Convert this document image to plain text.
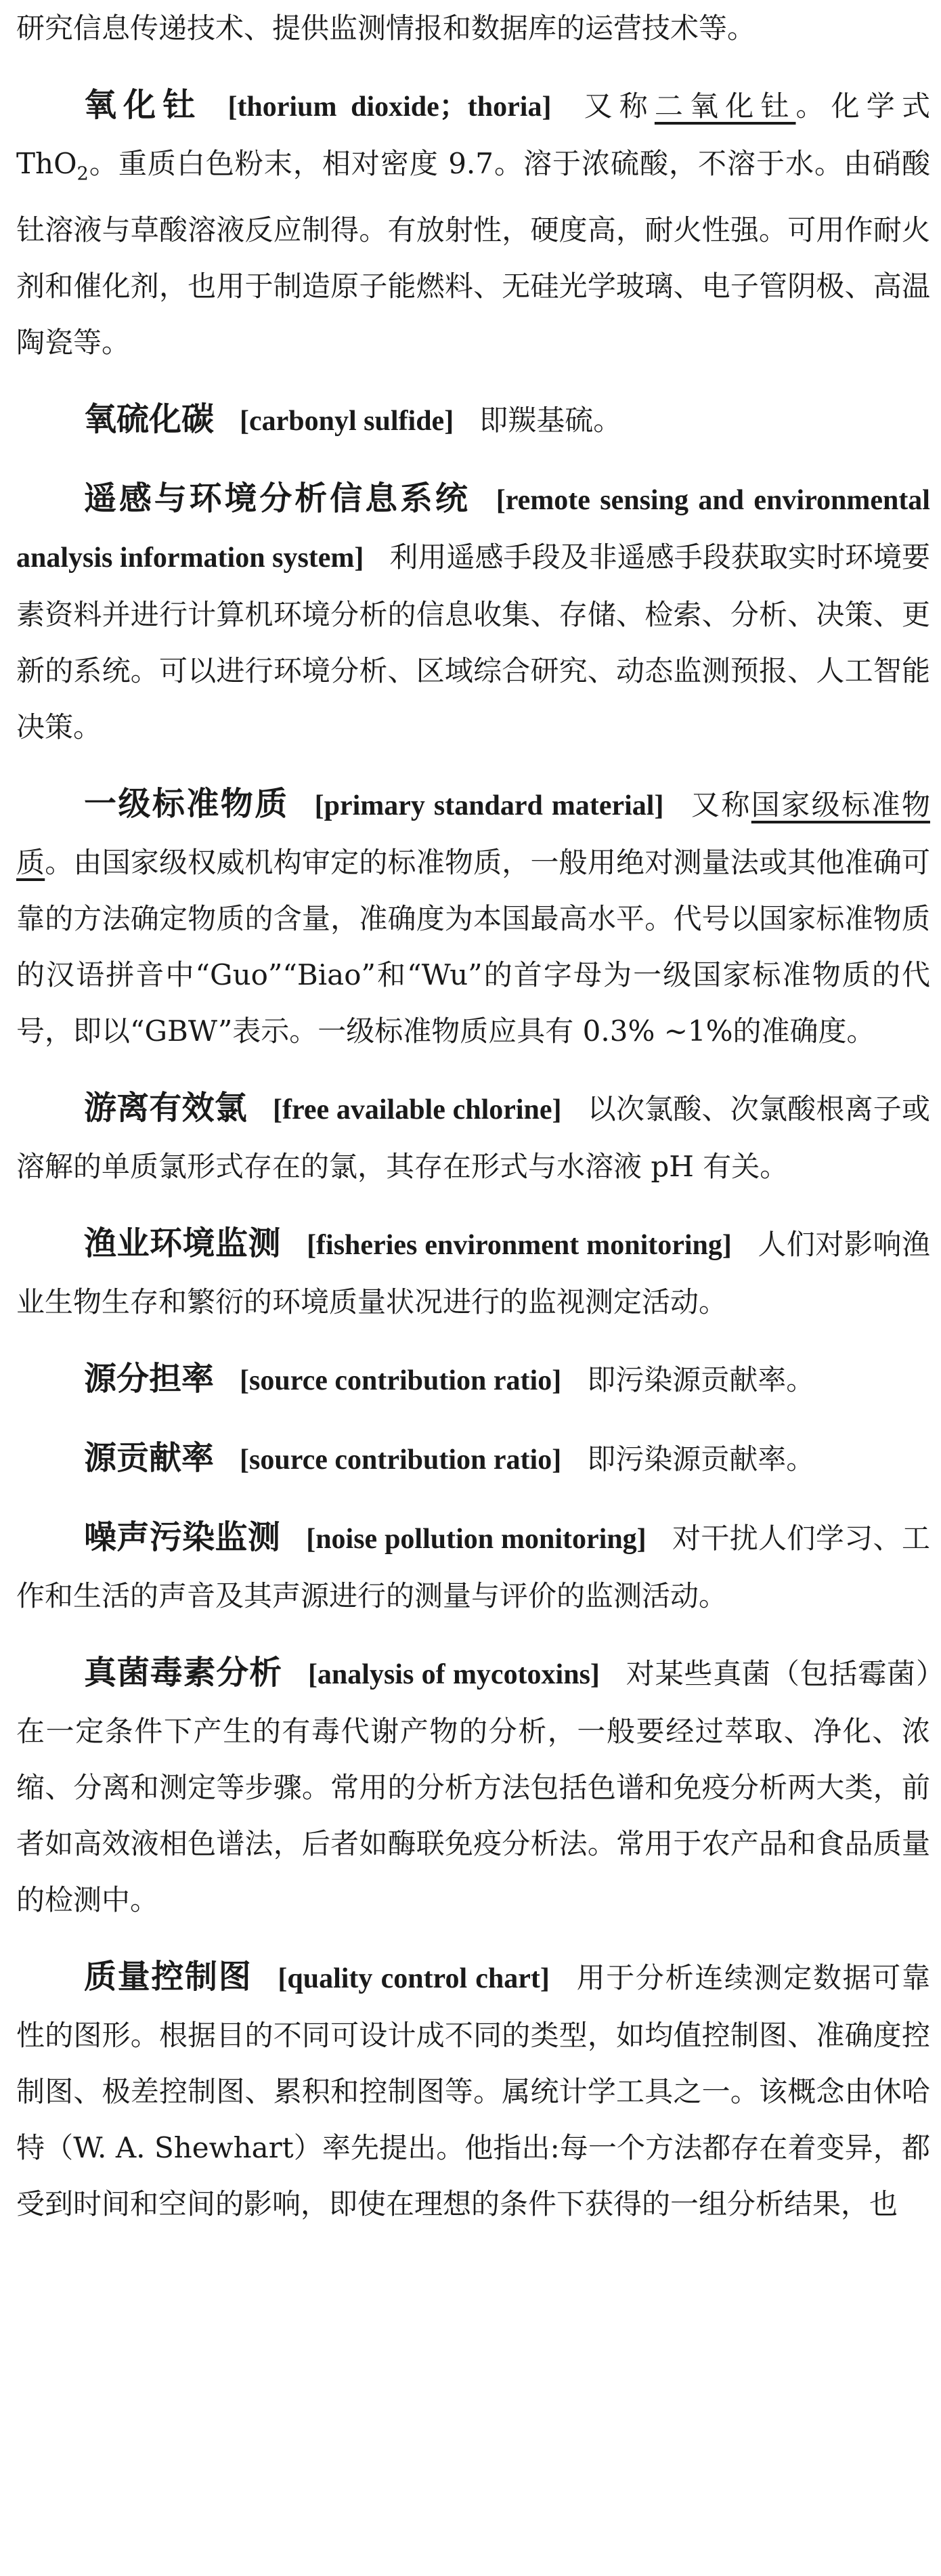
研究信息传递技术、提供监测情报和数据库的运营技术等。

氧化钍 [thorium dioxide；thoria] 又称二氧化钍。化学式 ThO$_2$。重质白色粉末，相对密度 9.7。溶于浓硫酸，不溶于水。由硝酸钍溶液与草酸溶液反应制得。有放射性，硬度高，耐火性强。可用作耐火剂和催化剂，也用于制造原子能燃料、无硅光学玻璃、电子管阴极、高温陶瓷等。

氧硫化碳 [carbonyl sulfide] 即羰基硫。

遥感与环境分析信息系统 [remote sensing and environmental analysis information system] 利用遥感手段及非遥感手段获取实时环境要素资料并进行计算机环境分析的信息收集、存储、检索、分析、决策、更新的系统。可以进行环境分析、区域综合研究、动态监测预报、人工智能决策。

一级标准物质 [primary standard material] 又称国家级标准物质。由国家级权威机构审定的标准物质，一般用绝对测量法或其他准确可靠的方法确定物质的含量，准确度为本国最高水平。代号以国家标准物质的汉语拼音中“Guo”“Biao”和“Wu”的首字母为一级国家标准物质的代号，即以“GBW”表示。一级标准物质应具有 0.3% ~1%的准确度。

游离有效氯 [free available chlorine] 以次氯酸、次氯酸根离子或溶解的单质氯形式存在的氯，其存在形式与水溶液 pH 有关。

渔业环境监测 [fisheries environment monitoring] 人们对影响渔业生物生存和繁衍的环境质量状况进行的监视测定活动。

源分担率 [source contribution ratio] 即污染源贡献率。

源贡献率 [source contribution ratio] 即污染源贡献率。

噪声污染监测 [noise pollution monitoring] 对干扰人们学习、工作和生活的声音及其声源进行的测量与评价的监测活动。

真菌毒素分析 [analysis of mycotoxins] 对某些真菌（包括霉菌）在一定条件下产生的有毒代谢产物的分析，一般要经过萃取、净化、浓缩、分离和测定等步骤。常用的分析方法包括色谱和免疫分析两大类，前者如高效液相色谱法，后者如酶联免疫分析法。常用于农产品和食品质量的检测中。

质量控制图 [quality control chart] 用于分析连续测定数据可靠性的图形。根据目的不同可设计成不同的类型，如均值控制图、准确度控制图、极差控制图、累积和控制图等。属统计学工具之一。该概念由休哈特（W. A. Shewhart）率先提出。他指出:每一个方法都存在着变异，都受到时间和空间的影响，即使在理想的条件下获得的一组分析结果，也
